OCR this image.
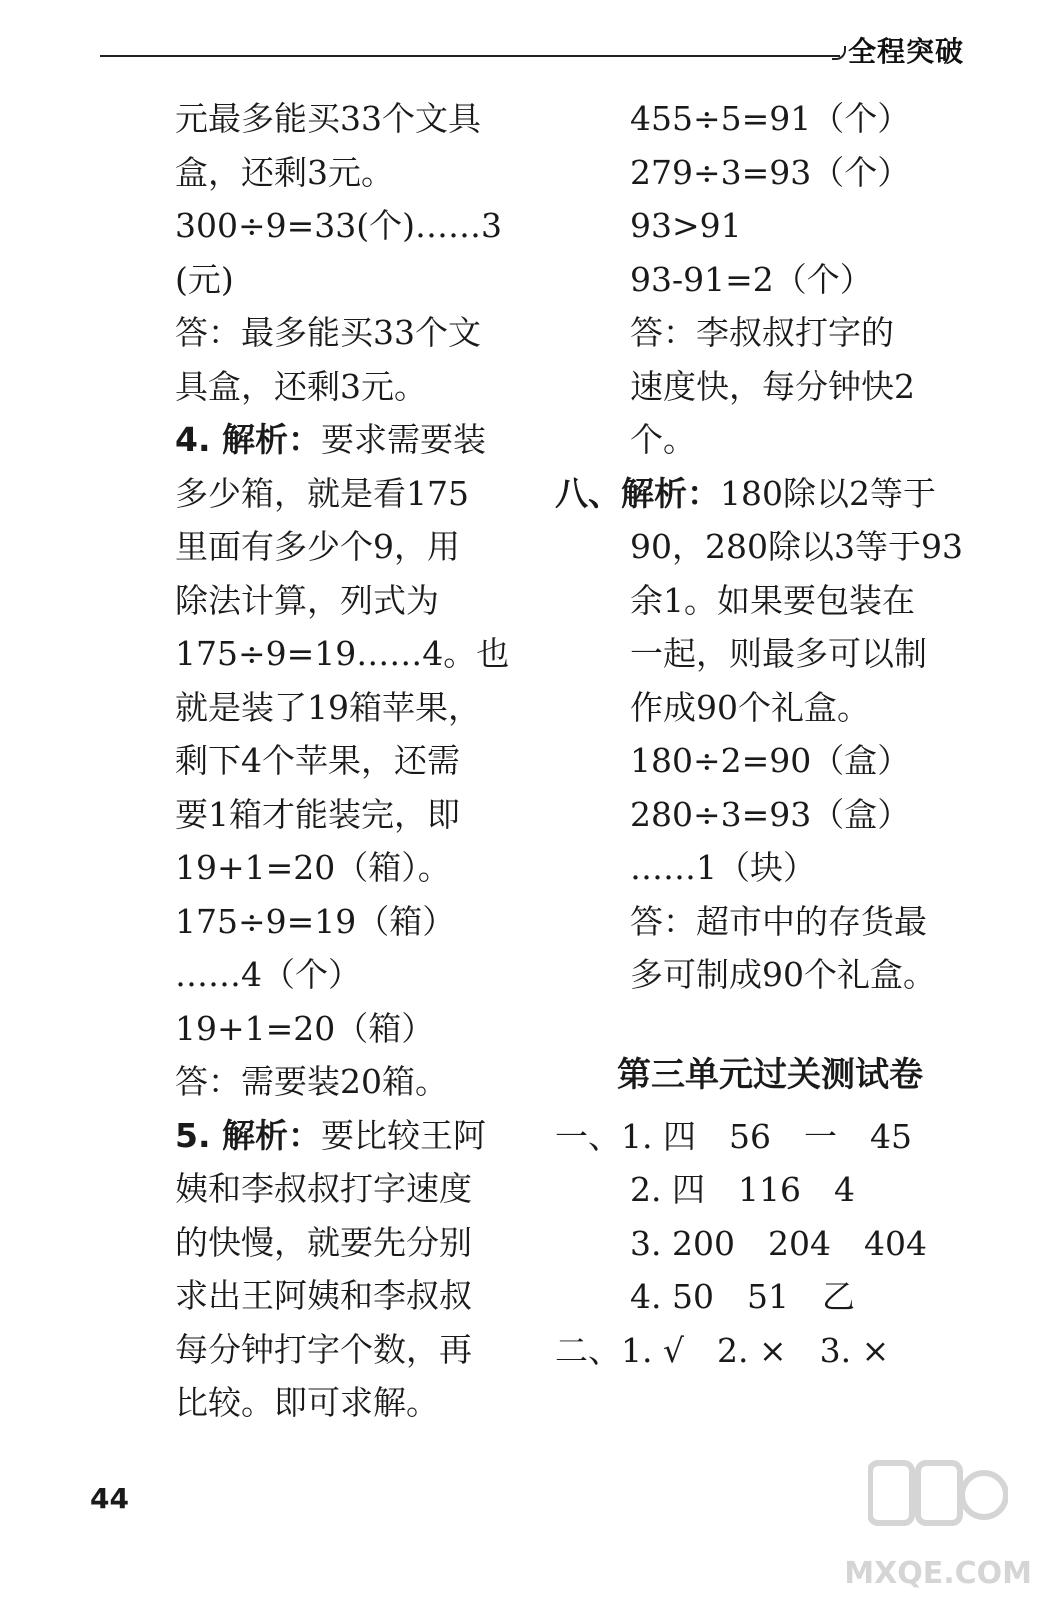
全程突破
元最多能买33个文具
盒，还剩3元。
300÷9=33(个)……3
(元)
答：最多能买33个文
具盒，还剩3元。
4. 解析：要求需要装
多少箱，就是看175
里面有多少个9，用
除法计算，列式为
175÷9=19……4。也
就是装了19箱苹果，
剩下4个苹果，还需
要1箱才能装完，即
19+1=20（箱）。
175÷9=19（箱）
……4（个）
19+1=20（箱）
答：需要装20箱。
5. 解析：要比较王阿
姨和李叔叔打字速度
的快慢，就要先分别
求出王阿姨和李叔叔
每分钟打字个数，再
比较。即可求解。
455÷5=91（个）
279÷3=93（个）
93>91
93-91=2（个）
答：李叔叔打字的
速度快，每分钟快2
个。
八、解析：180除以2等于
90，280除以3等于93
余1。如果要包装在
一起，则最多可以制
作成90个礼盒。
180÷2=90（盒）
280÷3=93（盒）
……1（块）
答：超市中的存货最
多可制成90个礼盒。
第三单元过关测试卷
一、1. 四　56　一　45
2. 四　116　4
3. 200　204　404
4. 50　51　乙
二、1. √　2. ×　3. ×
44
MXQE.COM
